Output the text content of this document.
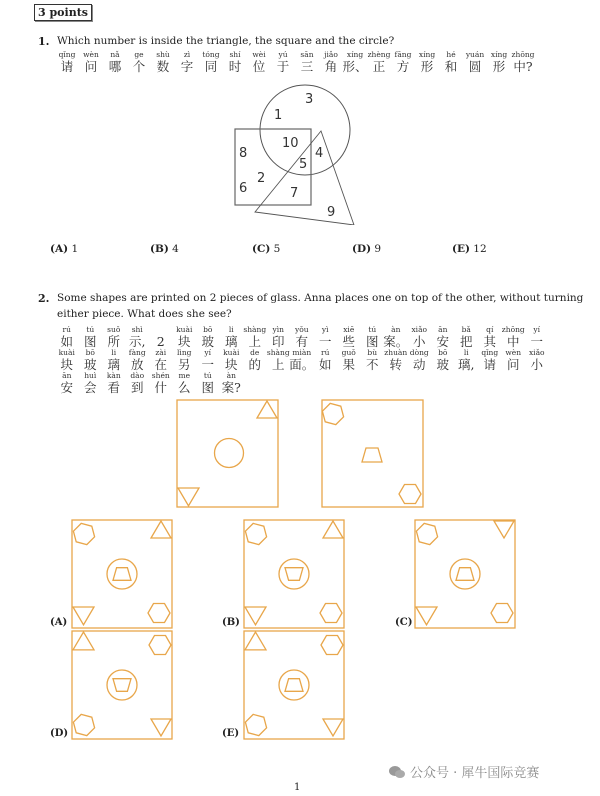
3 points
1. Which number is inside the triangle, the square and the circle?
qǐng
请
wèn
问
nǎ
哪
ge
个
shù
数
zì
字
tóng
同
shí
时
wèi
位
yú
于
sān
三
jiǎo
角
xíng
形、
zhèng
正
fāng
方
xíng
形
hé
和
yuán
圆
xíng
形
zhōng
中?
3
1
10
8	4
5
2
6	7
9
(A) 1	(B) 4	(C) 5	(D) 9	(E) 12
2. Some shapes are printed on 2 pieces of glass. Anna places one on top of the other, without turning
either piece. What does she see?
rú
如
tú
图
suǒ
所
shì
示, 2
kuài
块
bō
玻
li
璃
shàng
上
yìn
印
yǒu
有
yì
一
xiē
些
tú
图
àn
案。
xiǎo
小
ān
安
bǎ
把
qí
其
zhōng
中
yí
一
kuài
块
bō
玻
li
璃
fàng
放
zài
在
lìng
另
yí
一
kuài
块
de
的
shàng
上
miàn
面。
rú
如
guǒ
果
bù
不
zhuàn
转
dòng
动
bō
玻
li
璃,
qǐng
请
wèn
问
xiǎo
小
ān
安
huì
会
kàn
看
dào
到
shén
什
me
么
tú
图
àn
案?
(A)	(B)	(C)
(D)	(E)
1
公众号 · 犀牛国际竞赛
